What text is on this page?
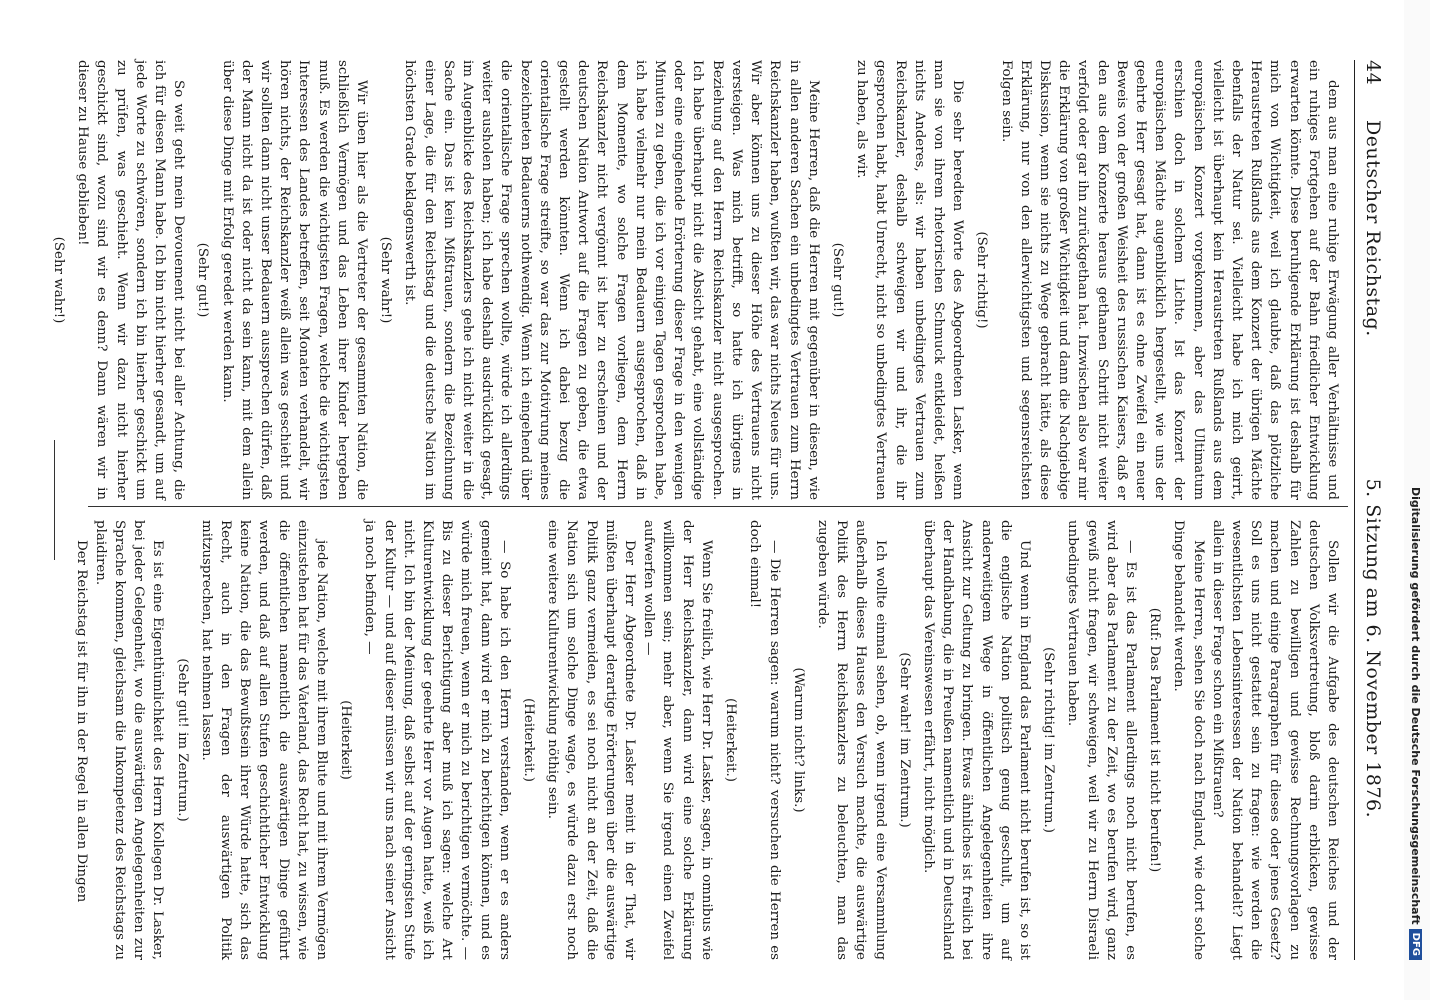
44
Deutscher Reichstag.
5. Sitzung am 6. November 1876.

dem aus man eine ruhige Erwägung aller Verhältnisse und ein ruhiges Fortgehen auf der Bahn friedlicher Entwicklung erwarten könnte. Diese beruhigende Erklärung ist deshalb für mich von Wichtigkeit, weil ich glaubte, daß das plötzliche Heraustreten Rußlands aus dem Konzert der übrigen Mächte ebenfalls der Natur sei. Vielleicht habe ich mich geirrt, vielleicht ist überhaupt kein Heraustreten Rußlands aus dem europäischen Konzert vorgekommen, aber das Ultimatum erschien doch in solchem Lichte. Ist das Konzert der europäischen Mächte augenblicklich hergestellt, wie uns der geehrte Herr gesagt hat, dann ist es ohne Zweifel ein neuer Beweis von der großen Weisheit des russischen Kaisers, daß er den aus dem Konzerte heraus gethanen Schritt nicht weiter verfolgt oder gar ihn zurückgethan hat. Inzwischen also war mir die Erklärung von großer Wichtigkeit und dann die Nachgiebige Diskussion, wenn sie nichts zu Wege gebracht hätte, als diese Erklärung, nur von den allerwichtigsten und segensreichsten Folgen sein.

(Sehr richtig!)

Die sehr beredten Worte des Abgeordneten Lasker, wenn man sie von ihrem rhetorischen Schmuck entkleidet, heißen nichts Anderes, als: wir haben unbedingtes Vertrauen zum Reichskanzler, deshalb schweigen wir und ihr, die ihr gesprochen habt, habt Unrecht, nicht so unbedingtes Vertrauen zu haben, als wir.

(Sehr gut!)

Meine Herren, daß die Herren mit gegenüber in diesen, wie in allen anderen Sachen ein unbedingtes Vertrauen zum Herrn Reichskanzler haben, wußten wir, das war nichts Neues für uns. Wir aber können uns zu dieser Höhe des Vertrauens nicht versteigen. Was mich betrifft, so hatte ich übrigens in Beziehung auf den Herrn Reichskanzler nicht ausgesprochen. Ich habe überhaupt nicht die Absicht gehabt, eine vollständige oder eine eingehende Erörterung dieser Frage in den wenigen Minuten zu geben, die ich vor einigen Tagen gesprochen habe, ich habe vielmehr nur mein Bedauern ausgesprochen, daß in dem Momente, wo solche Fragen vorliegen, dem Herrn Reichskanzler nicht vergönnt ist hier zu erscheinen und der deutschen Nation Antwort auf die Fragen zu geben, die etwa gestellt werden könnten. Wenn ich dabei bezug die orientalische Frage streifte, so war das zur Motivirung meines bezeichneten Bedauerns nothwendig. Wenn ich eingehend über die orientalische Frage sprechen wollte, würde ich allerdings weiter ausholen haben; ich habe deshalb ausdrücklich gesagt, im Augenblicke des Reichskanzlers gehe ich nicht weiter in die Sache ein. Das ist kein Mißtrauen, sondern die Bezeichnung einer Lage, die für den Reichstag und die deutsche Nation im höchsten Grade beklagenswerth ist.

(Sehr wahr!)

Wir üben hier als die Vertreter der gesammten Nation, die schließlich Vermögen und das Leben ihrer Kinder hergeben muß. Es werden die wichtigsten Fragen, welche die wichtigsten Interessen des Landes betreffen, seit Monaten verhandelt, wir hören nichts, der Reichskanzler weiß allein was geschieht und wir sollten dann nicht unser Bedauern aussprechen dürfen, daß der Mann nicht da ist oder nicht da sein kann, mit dem allein über diese Dinge mit Erfolg geredet werden kann.

(Sehr gut!)

So weit geht mein Devouement nicht bei aller Achtung, die ich für diesen Mann habe. Ich bin nicht hierher gesandt, um auf jede Worte zu schwören, sondern ich bin hierher geschickt um zu prüfen, was geschieht. Wenn wir dazu nicht hierher geschickt sind, wozu sind wir es denn? Dann wären wir in dieser zu Hause geblieben!

(Sehr wahr!)

Sollen wir die Aufgabe des deutschen Reiches und der deutschen Volksvertretung, bloß darin erblicken, gewisse Zahlen zu bewilligen und gewisse Rechnungsvorlagen zu machen und einige Paragraphen für dieses oder jenes Gesetz? Soll es uns nicht gestattet sein zu fragen: wie werden die wesentlichsten Lebensinteressen der Nation behandelt? Liegt allein in dieser Frage schon ein Mißtrauen?

Meine Herren, sehen Sie doch nach England, wie dort solche Dinge behandelt werden.

(Ruf: Das Parlament ist nicht berufen!)

— Es ist das Parlament allerdings noch nicht berufen, es wird aber das Parlament zu der Zeit, wo es berufen wird, ganz gewiß nicht fragen, wir schweigen, weil wir zu Herrn Disraeli unbedingtes Vertrauen haben.

(Sehr richtig! im Zentrum.)

Und wenn in England das Parlament nicht berufen ist, so ist die englische Nation politisch genug geschult, um auf anderweitigem Wege in öffentlichen Angelegenheiten ihre Ansicht zur Geltung zu bringen. Etwas ähnliches ist freilich bei der Handhabung, die in Preußen namentlich und in Deutschland überhaupt das Vereinswesen erfährt, nicht möglich.

(Sehr wahr! im Zentrum.)

Ich wollte einmal sehen, ob, wenn irgend eine Versammlung außerhalb dieses Hauses den Versuch machte, die auswärtige Politik des Herrn Reichskanzlers zu beleuchten, man das zugeben würde.

(Warum nicht? links.)

— Die Herren sagen: warum nicht? versuchen die Herren es doch einmal!

(Heiterkeit.)

Wenn Sie freilich, wie Herr Dr. Lasker, sagen, in omnibus wie der Herr Reichskanzler, dann wird eine solche Erklärung willkommen sein; mehr aber, wenn Sie irgend einen Zweifel aufwerfen wollen —

Der Herr Abgeordnete Dr. Lasker meint in der That, wir müßten überhaupt derartige Erörterungen über die auswärtige Politik ganz vermeiden, es sei noch nicht an der Zeit, daß die Nation sich um solche Dinge wage, es würde dazu erst noch eine weitere Kulturentwicklung nöthig sein.

(Heiterkeit.)

— So habe ich den Herrn verstanden, wenn er es anders gemeint hat, dann wird er mich zu berichtigen können, und es würde mich freuen, wenn er mich zu berichtigen vermöchte. — Bis zu dieser Berichtigung aber muß ich sagen: welche Art Kulturentwicklung der geehrte Herr vor Augen hatte, weiß ich nicht. Ich bin der Meinung, daß selbst auf der geringsten Stufe der Kultur — und auf dieser müssen wir uns nach seiner Ansicht ja noch befinden, —

(Heiterkeit)

jede Nation, welche mit ihrem Blute und mit ihrem Vermögen einzustehen hat für das Vaterland, das Recht hat, zu wissen, wie die öffentlichen namentlich die auswärtigen Dinge geführt werden, und daß auf allen Stufen geschichtlicher Entwicklung keine Nation, die das Bewußtsein ihrer Würde hatte, sich das Recht, auch in den Fragen der auswärtigen Politik mitzusprechen, hat nehmen lassen.

(Sehr gut! im Zentrum.)

Es ist eine Eigenthümlichkeit des Herrn Kollegen Dr. Lasker, bei jeder Gelegenheit, wo die auswärtigen Angelegenheiten zur Sprache kommen, gleichsam die Inkompetenz des Reichstags zu plaidiren.

Der Reichstag ist für ihn in der Regel in allen Dingen	Digitalisierung gefördert durch die Deutsche Forschungsgemeinschaft
DFG
